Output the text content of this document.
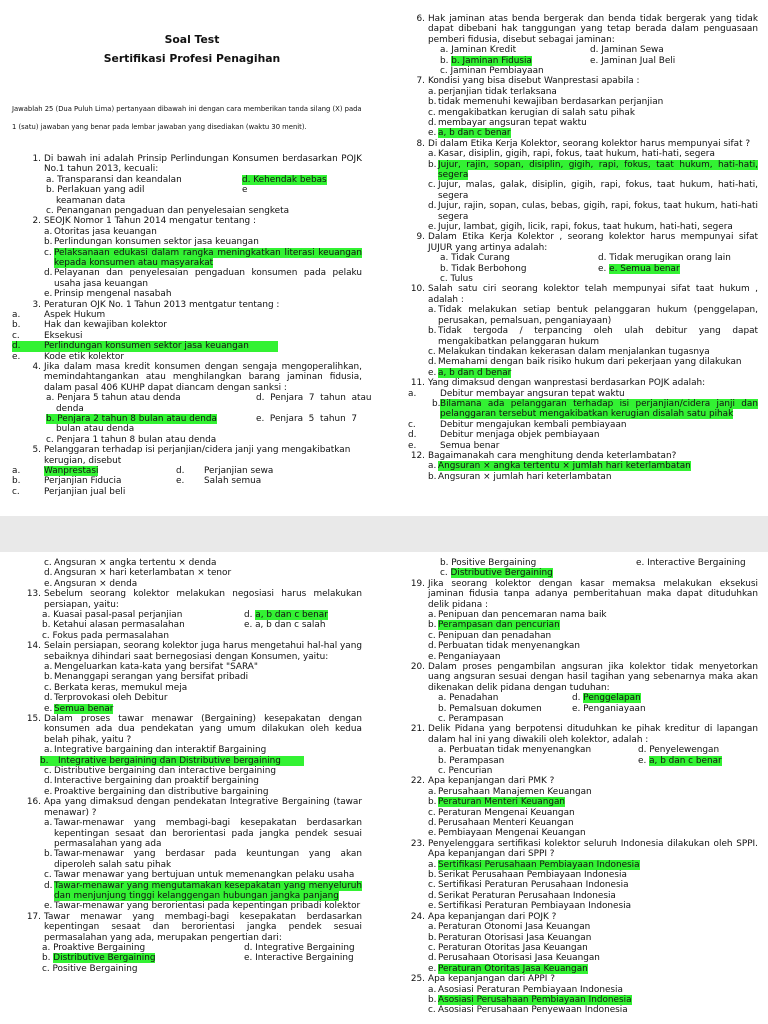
Soal Test
Sertifikasi Profesi Penagihan
Jawablah 25 (Dua Puluh Lima) pertanyaan dibawah ini dengan cara memberikan tanda silang (X) pada
1 (satu) jawaban yang benar pada lembar jawaban yang disediakan (waktu 30 menit).
1. Di bawah ini adalah Prinsip Perlindungan Konsumen berdasarkan POJK No.1 tahun 2013, kecuali:
a. Transparansi dan keandalan	d. Kehendak bebas
b. Perlakuan yang adil	e
keamanan data
c. Penanganan pengaduan dan penyelesaian sengketa
2. SEOJK Nomor 1 Tahun 2014 mengatur tentang :
a. Otoritas jasa keuangan
b. Perlindungan konsumen sektor jasa keuangan
c. Pelaksanaan edukasi dalam rangka meningkatkan literasi keuangan kepada konsumen atau masyarakat
d. Pelayanan dan penyelesaian pengaduan konsumen pada pelaku usaha jasa keuangan
e. Prinsip mengenal nasabah
3. Peraturan OJK No. 1 Tahun 2013 mentgatur tentang :
a.	Aspek Hukum
b.	Hak dan kewajiban kolektor
c.	Eksekusi
d.	Perlindungan konsumen sektor jasa keuangan
e.	Kode etik kolektor
4. Jika dalam masa kredit konsumen dengan sengaja mengoperalihkan, memindahtangankan atau menghilangkan barang jaminan fidusia, dalam pasal 406 KUHP dapat diancam dengan sanksi :
a. Penjara 5 tahun atau denda	d.  Penjara  7  tahun  atau
denda
b. Penjara 2 tahun 8 bulan atau denda	e.  Penjara  5  tahun  7
bulan atau denda
c. Penjara 1 tahun 8 bulan atau denda
5. Pelanggaran terhadap isi perjanjian/cidera janji yang mengakibatkan kerugian, disebut
a.	Wanprestasi	d. Perjanjian sewa
b.	Perjanjian Fiducia	e. Salah semua
c.	Perjanjian jual beli
6. Hak jaminan atas benda bergerak dan benda tidak bergerak yang tidak dapat dibebani hak tanggungan yang tetap berada dalam penguasaan pemberi fidusia, disebut sebagai jaminan:
a. Jaminan Kredit	d. Jaminan Sewa
b. b. Jaminan Fidusia	e. Jaminan Jual Beli
c. Jaminan Pembiayaan
7. Kondisi yang bisa disebut Wanprestasi apabila :
a. perjanjian tidak terlaksana
b. tidak memenuhi kewajiban berdasarkan perjanjian
c. mengakibatkan kerugian di salah satu pihak
d. membayar angsuran tepat waktu
e. a, b dan c benar
8. Di dalam Etika Kerja Kolektor, seorang kolektor harus mempunyai sifat ?
a. Kasar, disiplin, gigih, rapi, fokus, taat hukum, hati-hati, segera
b. Jujur, rajin, sopan, disiplin, gigih, rapi, fokus, taat hukum, hati-hati, segera
c. Jujur, malas, galak, disiplin, gigih, rapi, fokus, taat hukum, hati-hati, segera
d. Jujur, rajin, sopan, culas, bebas, gigih, rapi, fokus, taat hukum, hati-hati segera
e. Jujur, lambat, gigih, licik, rapi, fokus, taat hukum, hati-hati, segera
9. Dalam Etika Kerja Kolektor , seorang kolektor harus mempunyai sifat JUJUR yang artinya adalah:
a. Tidak Curang	d. Tidak merugikan orang lain
b. Tidak Berbohong	e. e. Semua benar
c. Tulus
10. Salah satu ciri seorang kolektor telah mempunyai sifat taat hukum , adalah :
a. Tidak melakukan setiap bentuk pelanggaran hukum (penggelapan, perusakan, pemalsuan, penganiayaan)
b. Tidak tergoda / terpancing oleh ulah debitur yang dapat mengakibatkan pelanggaran hukum
c. Melakukan tindakan kekerasan dalam menjalankan tugasnya
d. Memahami dengan baik risiko hukum dari pekerjaan yang dilakukan
e. a, b dan d benar
11. Yang dimaksud dengan wanprestasi berdasarkan POJK adalah:
a.	Debitur membayar angsuran tepat waktu
b. Bilamana ada pelanggaran terhadap isi perjanjian/cidera janji dan pelanggaran tersebut mengakibatkan kerugian disalah satu pihak
c.	Debitur mengajukan kembali pembiayaan
d.	Debitur menjaga objek pembiayaan
e.	Semua benar
12. Bagaimanakah cara menghitung denda keterlambatan?
a. Angsuran × angka tertentu × jumlah hari keterlambatan
b. Angsuran × jumlah hari keterlambatan
c. Angsuran × angka tertentu × denda
d. Angsuran × hari keterlambatan × tenor
e. Angsuran × denda
13. Sebelum seorang kolektor melakukan negosiasi harus melakukan persiapan, yaitu:
a. Kuasai pasal-pasal perjanjian	d. a, b dan c benar
b. Ketahui alasan permasalahan	e. a, b dan c salah
c. Fokus pada permasalahan
14. Selain persiapan, seorang kolektor juga harus mengetahui hal-hal yang sebaiknya dihindari saat bernegosiasi dengan Konsumen, yaitu:
a. Mengeluarkan kata-kata yang bersifat "SARA"
b. Menanggapi serangan yang bersifat pribadi
c. Berkata keras, memukul meja
d. Terprovokasi oleh Debitur
e. Semua benar
15. Dalam proses tawar menawar (Bergaining) kesepakatan dengan konsumen ada dua pendekatan yang umum dilakukan oleh kedua belah pihak, yaitu ?
a. Integrative bargaining dan interaktif Bargaining
b. Integrative bergaining dan Distributive bergaining
c. Distributive bergaining dan interactive bergaining
d. Interactive bergaining dan proaktif bergaining
e. Proaktive bergaining dan distributive bargaining
16. Apa yang dimaksud dengan pendekatan Integrative Bergaining (tawar menawar) ?
a. Tawar-menawar yang membagi-bagi kesepakatan berdasarkan kepentingan sesaat dan berorientasi pada jangka pendek sesuai permasalahan yang ada
b. Tawar-menawar yang berdasar pada keuntungan yang akan diperoleh salah satu pihak
c. Tawar menawar yang bertujuan untuk memenangkan pelaku usaha
d. Tawar-menawar yang mengutamakan kesepakatan yang menyeluruh dan menjunjung tinggi kelanggengan hubungan jangka panjang
e. Tawar-menawar yang berorientasi pada kepentingan pribadi kolektor
17. Tawar menawar yang membagi-bagi kesepakatan berdasarkan kepentingan sesaat dan berorientasi jangka pendek sesuai permasalahan yang ada, merupakan pengertian dari:
a. Proaktive Bergaining	d. Integrative Bergaining
b. Distributive Bergaining	e. Interactive Bergaining
c. Positive Bergaining
b. Positive Bergaining	e. Interactive Bergaining
c. Distributive Bergaining
19. Jika seorang kolektor dengan kasar memaksa melakukan eksekusi jaminan fidusia tanpa adanya pemberitahuan maka dapat dituduhkan delik pidana :
a. Penipuan dan pencemaran nama baik
b. Perampasan dan pencurian
c. Penipuan dan penadahan
d. Perbuatan tidak menyenangkan
e. Penganiayaan
20. Dalam proses pengambilan angsuran jika kolektor tidak menyetorkan uang angsuran sesuai dengan hasil tagihan yang sebenarnya maka akan dikenakan delik pidana dengan tuduhan:
a. Penadahan	d. Penggelapan
b. Pemalsuan dokumen	e. Penganiayaan
c. Perampasan
21. Delik Pidana yang berpotensi dituduhkan ke pihak kreditur di lapangan dalam hal ini yang diwakili oleh kolektor, adalah :
a. Perbuatan tidak menyenangkan	d. Penyelewengan
b. Perampasan	e. a, b dan c benar
c. Pencurian
22. Apa kepanjangan dari PMK ?
a. Perusahaan Manajemen Keuangan
b. Peraturan Menteri Keuangan
c. Peraturan Mengenai Keuangan
d. Perusahaan Menteri Keuangan
e. Pembiayaan Mengenai Keuangan
23. Penyelenggara sertifikasi kolektor seluruh Indonesia dilakukan oleh SPPI. Apa kepanjangan dari SPPI ?
a. Sertifikasi Perusahaan Pembiayaan Indonesia
b. Serikat Perusahaan Pembiayaan Indonesia
c. Sertifikasi Peraturan Perusahaan Indonesia
d. Serikat Peraturan Perusahaan Indonesia
e. Sertifikasi Peraturan Pembiayaan Indonesia
24. Apa kepanjangan dari POJK ?
a. Peraturan Otonomi Jasa Keuangan
b. Peraturan Otorisasi Jasa Keuangan
c. Peraturan Otoritas Jasa Keuangan
d. Perusahaan Otorisasi Jasa Keuangan
e. Peraturan Otoritas Jasa Keuangan
25. Apa kepanjangan dari APPI ?
a. Asosiasi Peraturan Pembiayaan Indonesia
b. Asosiasi Perusahaan Pembiayaan Indonesia
c. Asosiasi Perusahaan Penyewaan Indonesia
